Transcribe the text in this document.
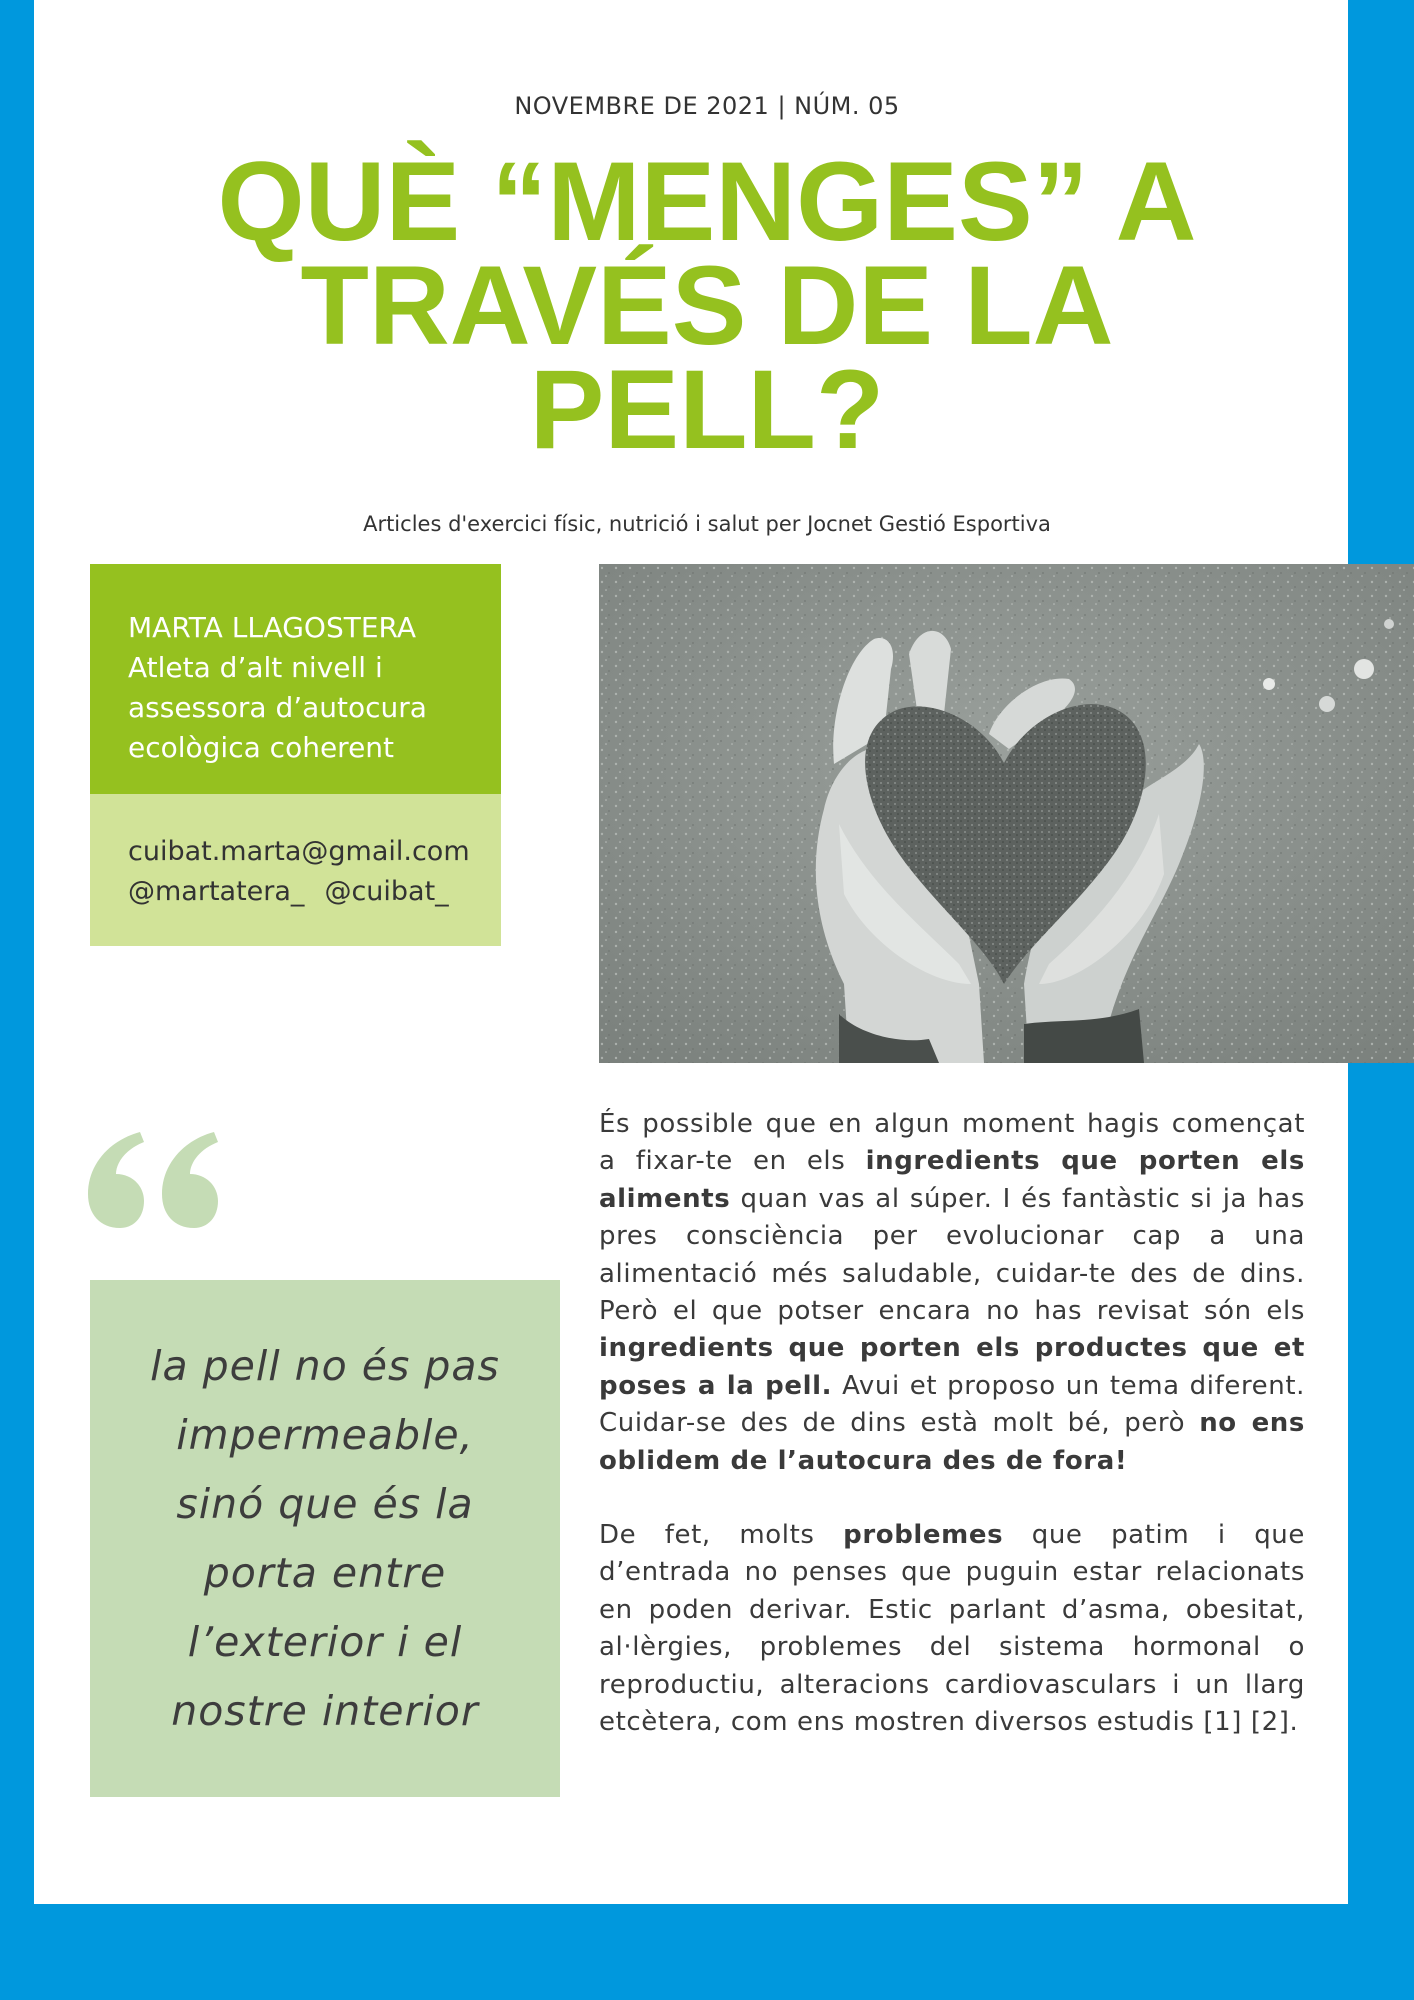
NOVEMBRE DE 2021 | NÚM. 05
QUÈ “MENGES” A
TRAVÉS DE LA
PELL?
Articles d'exercici físic, nutrició i salut per Jocnet Gestió Esportiva
MARTA LLAGOSTERA
Atleta d’alt nivell i
assessora d’autocura
ecològica coherent
cuibat.marta@gmail.com
@martatera_ @cuibat_
la pell no és pas
impermeable,
sinó que és la
porta entre
l’exterior i el
nostre interior

És possible que en algun moment hagis començat a fixar-te en els ingredients que porten els aliments quan vas al súper. I és fantàstic si ja has pres consciència per evolucionar cap a una alimentació més saludable, cuidar-te des de dins. Però el que potser encara no has revisat són els ingredients que porten els productes que et poses a la pell. Avui et proposo un tema diferent. Cuidar-se des de dins està molt bé, però no ens oblidem de l’autocura des de fora!

De fet, molts problemes que patim i que d’entrada no penses que puguin estar relacionats en poden derivar. Estic parlant d’asma, obesitat, al·lèrgies, problemes del sistema hormonal o reproductiu, alteracions cardiovasculars i un llarg etcètera, com ens mostren diversos estudis [1] [2].
